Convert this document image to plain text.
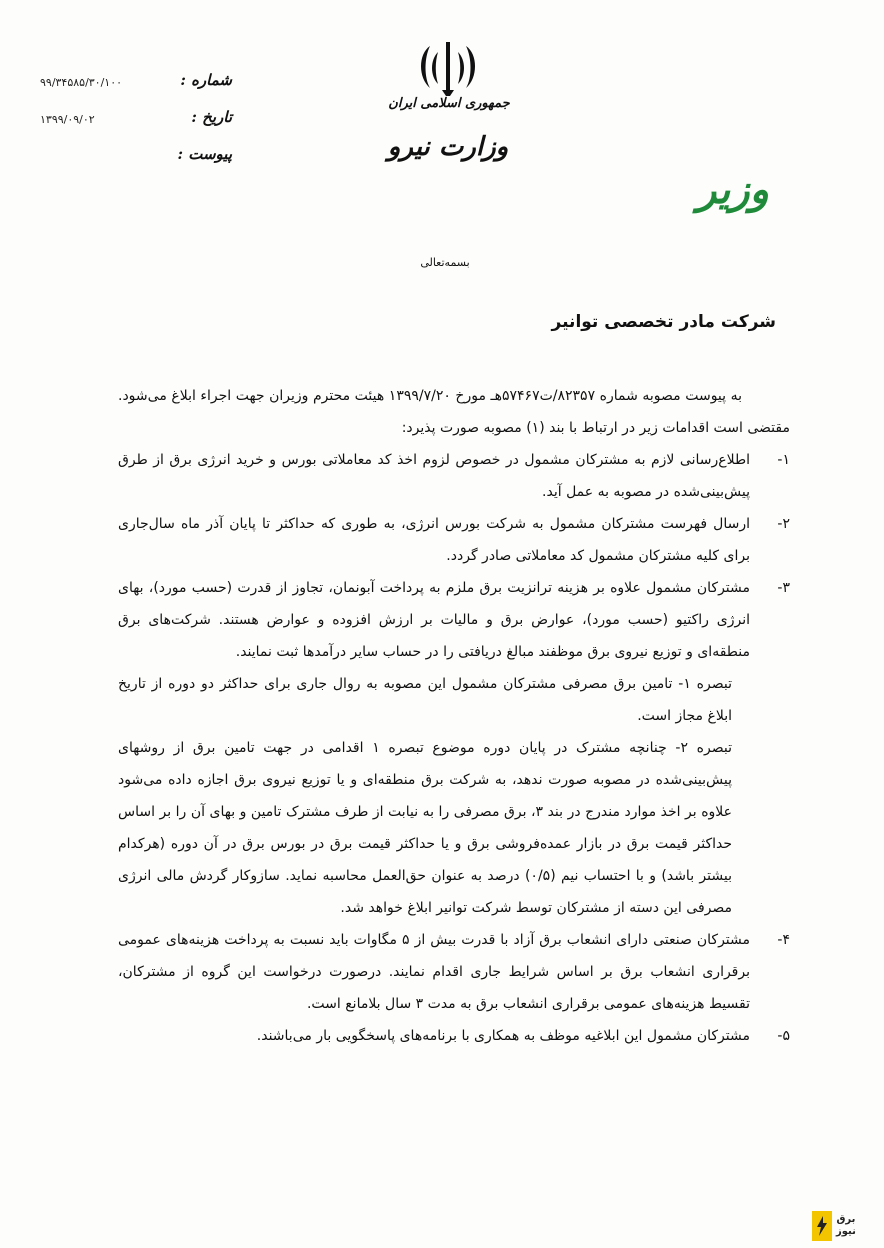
شماره :
تاریخ :
پیوست :
۹۹/۳۴۵۸۵/۳۰/۱۰۰
۱۳۹۹/۰۹/۰۲
جمهوری اسلامی ایران
وزارت نیرو
وزیر
بسمه‌تعالی
شرکت مادر تخصصی توانیر

به پیوست مصوبه شماره ۸۲۳۵۷/ت۵۷۴۶۷هـ مورخ ۱۳۹۹/۷/۲۰ هیئت محترم وزیران جهت اجراء ابلاغ می‌شود. مقتضی است اقدامات زیر در ارتباط با بند (۱) مصوبه صورت پذیرد:

۱-
اطلاع‌رسانی لازم به مشترکان مشمول در خصوص لزوم اخذ کد معاملاتی بورس و خرید انرژی برق از طرق پیش‌بینی‌شده در مصوبه به عمل آید.
۲-
ارسال فهرست مشترکان مشمول به شرکت بورس انرژی، به طوری که حداکثر تا پایان آذر ماه سال‌جاری برای کلیه مشترکان مشمول کد معاملاتی صادر گردد.
۳-
مشترکان مشمول علاوه بر هزینه ترانزیت برق ملزم به پرداخت آبونمان، تجاوز از قدرت (حسب مورد)، بهای انرژی راکتیو (حسب مورد)، عوارض برق و مالیات بر ارزش افزوده و عوارض هستند. شرکت‌های برق منطقه‌ای و توزیع نیروی برق موظفند مبالغ دریافتی را در حساب سایر درآمدها ثبت نمایند.

تبصره ۱- تامین برق مصرفی مشترکان مشمول این مصوبه به روال جاری برای حداکثر دو دوره از تاریخ ابلاغ مجاز است.

تبصره ۲- چنانچه مشترک در پایان دوره موضوع تبصره ۱ اقدامی در جهت تامین برق از روشهای پیش‌بینی‌شده در مصوبه صورت ندهد، به شرکت برق منطقه‌ای و یا توزیع نیروی برق اجازه داده می‌شود علاوه بر اخذ موارد مندرج در بند ۳، برق مصرفی را به نیابت از طرف مشترک تامین و بهای آن را بر اساس حداکثر قیمت برق در بازار عمده‌فروشی برق و یا حداکثر قیمت برق در بورس برق در آن دوره (هرکدام بیشتر باشد) و با احتساب نیم (۰/۵) درصد به عنوان حق‌العمل محاسبه نماید. سازوکار گردش مالی انرژی مصرفی این دسته از مشترکان توسط شرکت توانیر ابلاغ خواهد شد.

۴-
مشترکان صنعتی دارای انشعاب برق آزاد با قدرت بیش از ۵ مگاوات باید نسبت به پرداخت هزینه‌های عمومی برقراری انشعاب برق بر اساس شرایط جاری اقدام نمایند. درصورت درخواست این گروه از مشترکان، تقسیط هزینه‌های عمومی برقراری انشعاب برق به مدت ۳ سال بلامانع است.
۵-
مشترکان مشمول این ابلاغیه موظف به همکاری با برنامه‌های پاسخگویی بار می‌باشند.
برق
نیوز
